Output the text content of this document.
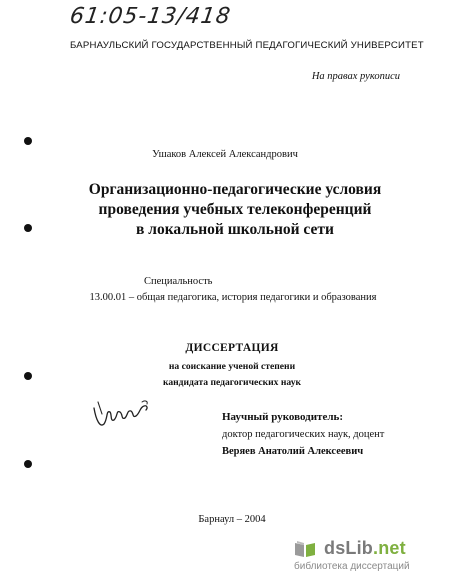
61:05-13/418
БАРНАУЛЬСКИЙ ГОСУДАРСТВЕННЫЙ ПЕДАГОГИЧЕСКИЙ УНИВЕРСИТЕТ
На правах рукописи
Ушаков Алексей Александрович
Организационно-педагогические условия
проведения учебных телеконференций
в локальной школьной сети
Специальность
13.00.01 – общая педагогика, история педагогики и образования
ДИССЕРТАЦИЯ
на соискание ученой степени
кандидата педагогических наук
Научный руководитель:
доктор педагогических наук, доцент
Веряев Анатолий Алексеевич
Барнаул – 2004
dsLib.net
библиотека диссертаций
